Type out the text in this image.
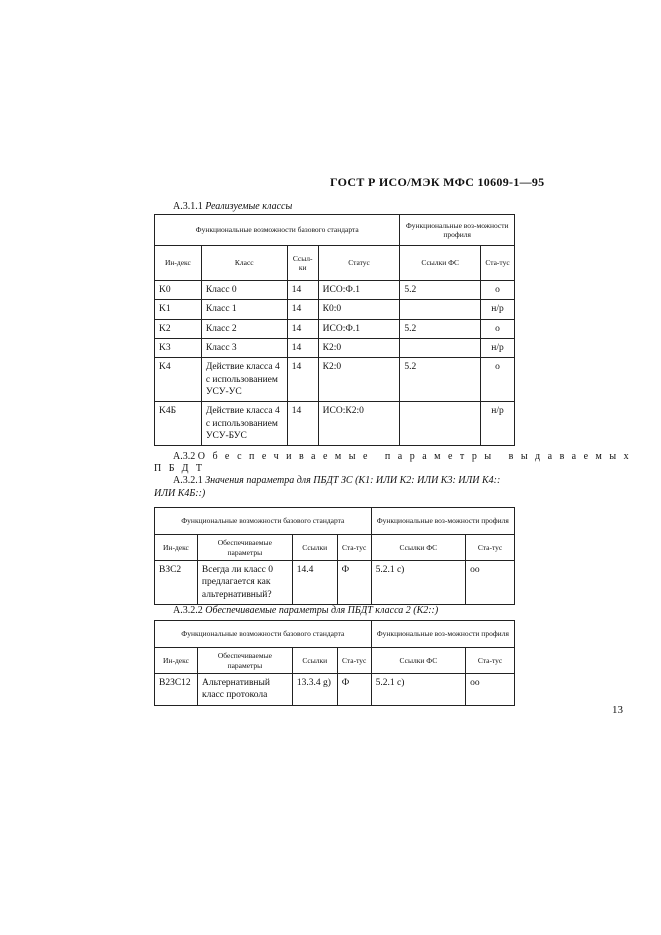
ГОСТ Р ИСО/МЭК МФС 10609-1—95
A.3.1.1 Реализуемые классы
Функциональные возможности базового стандарта				Функциональные воз-можности профиля	
Ин-декс	Класс	Ссыл-ки	Статус	Ссылки ФС	Ста-тус
K0	Класс 0	14	ИСО:Ф.1	5.2	о
K1	Класс 1	14	К0:0		н/р
K2	Класс 2	14	ИСО:Ф.1	5.2	о
K3	Класс 3	14	К2:0		н/р
K4	Действие класса 4 с использованием УСУ-УС	14	К2:0	5.2	о
K4Б	Действие класса 4 с использованием УСУ-БУС	14	ИСО:К2:0		н/р
A.3.2 Обеспечиваемые параметры выдаваемых
ПБДТ
A.3.2.1 Значения параметра для ПБДТ ЗС (К1: ИЛИ К2: ИЛИ К3: ИЛИ К4::
ИЛИ К4Б::)
Функциональные возможности базового стандарта				Функциональные воз-можности профиля	
Ин-декс	Обеспечиваемые параметры	Ссылки	Ста-тус	Ссылки ФС	Ста-тус
ВЗС2	Всегда ли класс 0 предлагается как альтернативный?	14.4	Ф	5.2.1 с)	оо
A.3.2.2 Обеспечиваемые параметры для ПБДТ класса 2 (К2::)
Функциональные возможности базового стандарта				Функциональные воз-можности профиля	
Ин-декс	Обеспечиваемые параметры	Ссылки	Ста-тус	Ссылки ФС	Ста-тус
В2ЗС12	Альтернативный класс протокола	13.3.4 g)	Ф	5.2.1 с)	оо
13
